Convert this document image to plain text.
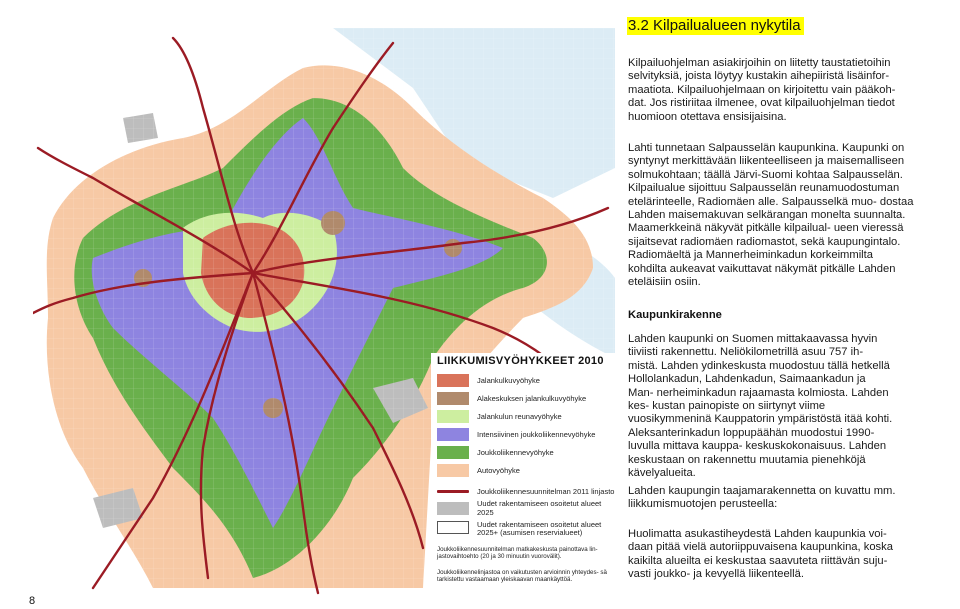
LIIKKUMISVYÖHYKKEET 2010
Jalankulkuvyöhyke
Alakeskuksen jalankulkuvyöhyke
Jalankulun reunavyöhyke
Intensiivinen joukkoliikennevyöhyke
Joukkoliikennevyöhyke
Autovyöhyke
Joukkoliikennesuunnitelman 2011 linjasto
Uudet rakentamiseen osoitetut alueet 2025
Uudet rakentamiseen osoitetut alueet 2025+ (asumisen reservialueet)
Joukkoliikennesuunnitelman matkakeskusta painottava lin- jastovaihtoehto (20 ja 30 minuutin vuorovälit).
Joukkoliikennelinjastoa on vaikutusten arvioinnin yhteydes- sä tarkistettu vastaamaan yleiskaavan maankäyttöä.
3.2 Kilpailualueen nykytila

Kilpailuohjelman asiakirjoihin on liitetty taustatietoihin selvityksiä, joista löytyy kustakin aihepiiristä lisäinfor- maatiota. Kilpailuohjelmaan on kirjoitettu vain pääkoh- dat. Jos ristiriitaa ilmenee, ovat kilpailuohjelman tiedot huomioon otettava ensisijaisina.

Lahti tunnetaan Salpausselän kaupunkina. Kaupunki on syntynyt merkittävään liikenteelliseen ja maisemalliseen solmukohtaan; täällä Järvi-Suomi kohtaa Salpausselän. Kilpailualue sijoittuu Salpausselän reunamuodostuman etelärinteelle, Radiomäen alle. Salpausselkä muo- dostaa Lahden maisemakuvan selkärangan monelta suunnalta. Maamerkkeinä näkyvät pitkälle kilpailual- ueen vieressä sijaitsevat radiomäen radiomastot, sekä kaupungintalo. Radiomäeltä ja Mannerheiminkadun korkeimmilta kohdilta aukeavat vaikuttavat näkymät pitkälle Lahden eteläisiin osiin.

Kaupunkirakenne

Lahden kaupunki on Suomen mittakaavassa hyvin tiiviisti rakennettu. Neliökilometrillä asuu 757 ih- mistä. Lahden ydinkeskusta muodostuu tällä hetkellä Hollolankadun, Lahdenkadun, Saimaankadun ja Man- nerheiminkadun rajaamasta kolmiosta. Lahden kes- kustan painopiste on siirtynyt viime vuosikymmeninä Kauppatorin ympäristöstä itää kohti. Aleksanterinkadun loppupäähän muodostui 1990-luvulla mittava kauppa- keskuskokonaisuus. Lahden keskustaan on rakennettu muutamia pienehköjä kävelyalueita.

Lahden kaupungin taajamarakennetta on kuvattu mm. liikkumismuotojen perusteella:

Huolimatta asukastiheydestä Lahden kaupunkia voi- daan pitää vielä autoriippuvaisena kaupunkina, koska kaikilta alueilta ei keskustaa saavuteta riittävän suju- vasti joukko- ja kevyellä liikenteellä.

8
